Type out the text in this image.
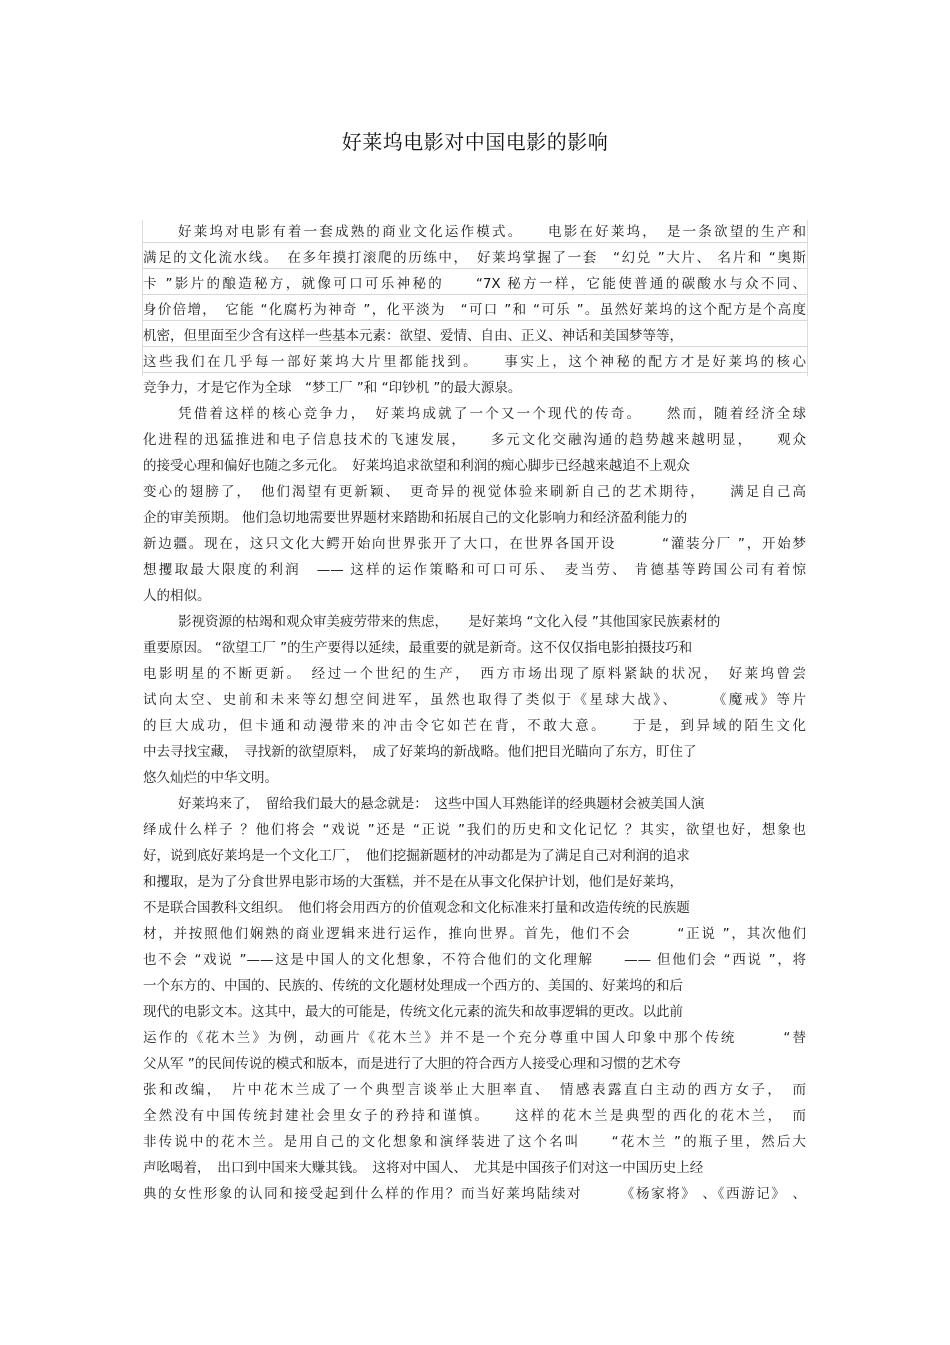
好莱坞电影对中国电影的影响
好莱坞对电影有着一套成熟的商业文化运作模式。　　电影在好莱坞，　是一条欲望的生产和
满足的文化流水线。　在多年摸打滚爬的历练中，　好莱坞掌握了一套　“幻兑 ”大片、 名片和 “奥斯
卡 ”影片的酿造秘方，就像可口可乐神秘的　　“7X 秘方一样，它能使普通的碳酸水与众不同、
身价倍增，　它能 “化腐朽为神奇 ”，化平淡为　“可口 ”和 “可乐 ”。虽然好莱坞的这个配方是个高度
机密，但里面至少含有这样一些基本元素：欲望、爱情、自由、正义、神话和美国梦等等，
这些我们在几乎每一部好莱坞大片里都能找到。　　事实上，这个神秘的配方才是好莱坞的核心
竞争力，才是它作为全球　“梦工厂 ”和 “印钞机 ”的最大源泉。
凭借着这样的核心竞争力，　好莱坞成就了一个又一个现代的传奇。　　然而，随着经济全球
化进程的迅猛推进和电子信息技术的飞速发展，　　多元文化交融沟通的趋势越来越明显，　　观众
的接受心理和偏好也随之多元化。　好莱坞追求欲望和利润的痴心脚步已经越来越追不上观众
变心的翅膀了，　他们渴望有更新颖、　更奇异的视觉体验来刷新自己的艺术期待，　　满足自己高
企的审美预期。 他们急切地需要世界题材来踏勘和拓展自己的文化影响力和经济盈利能力的
新边疆。现在，这只文化大鳄开始向世界张开了大口，在世界各国开设　　　“灌装分厂 ”，开始梦
想攫取最大限度的利润　—— 这样的运作策略和可口可乐、　麦当劳、 肯德基等跨国公司有着惊
人的相似。
影视资源的枯竭和观众审美疲劳带来的焦虑，　　是好莱坞 “文化入侵 ”其他国家民族素材的
重要原因。 “欲望工厂 ”的生产要得以延续，最重要的就是新奇。这不仅仅指电影拍摄技巧和
电影明星的不断更新。　经过一个世纪的生产，　西方市场出现了原料紧缺的状况，　好莱坞曾尝
试向太空、史前和未来等幻想空间进军，虽然也取得了类似于《星球大战》、　　　《魔戒》等片
的巨大成功，但卡通和动漫带来的冲击令它如芒在背，不敢大意。　　于是，到异域的陌生文化
中去寻找宝藏，　寻找新的欲望原料，　成了好莱坞的新战略。他们把目光瞄向了东方，盯住了
悠久灿烂的中华文明。
好莱坞来了，　留给我们最大的悬念就是：　这些中国人耳熟能详的经典题材会被美国人演
绎成什么样子 ？他们将会 “戏说 ”还是 “正说 ”我们的历史和文化记忆 ？其实，欲望也好，想象也
好，说到底好莱坞是一个文化工厂，　他们挖掘新题材的冲动都是为了满足自己对利润的追求
和攫取，是为了分食世界电影市场的大蛋糕，并不是在从事文化保护计划，他们是好莱坞，
不是联合国教科文组织。　他们将会用西方的价值观念和文化标准来打量和改造传统的民族题
材，并按照他们娴熟的商业逻辑来进行运作，推向世界。首先，他们不会　　　“正说 ”，其次他们
也不会 “戏说 ”——这是中国人的文化想象，不符合他们的文化理解　　—— 但他们会 “西说 ”，将
一个东方的、中国的、民族的、传统的文化题材处理成一个西方的、美国的、好莱坞的和后
现代的电影文本。这其中，最大的可能是，传统文化元素的流失和故事逻辑的更改。以此前
运作的《花木兰》为例，动画片《花木兰》并不是一个充分尊重中国人印象中那个传统　　　“替
父从军 ”的民间传说的模式和版本，而是进行了大胆的符合西方人接受心理和习惯的艺术夸
张和改编，　片中花木兰成了一个典型言谈举止大胆率直、　情感表露直白主动的西方女子，　而
全然没有中国传统封建社会里女子的矜持和谨慎。　　这样的花木兰是典型的西化的花木兰，　而
非传说中的花木兰。是用自己的文化想象和演绎装进了这个名叫　　“花木兰 ”的瓶子里，然后大
声吆喝着，　出口到中国来大赚其钱。　这将对中国人、　尤其是中国孩子们对这一中国历史上经
典的女性形象的认同和接受起到什么样的作用？而当好莱坞陆续对　　　《杨家将》 、《西游记》 、
